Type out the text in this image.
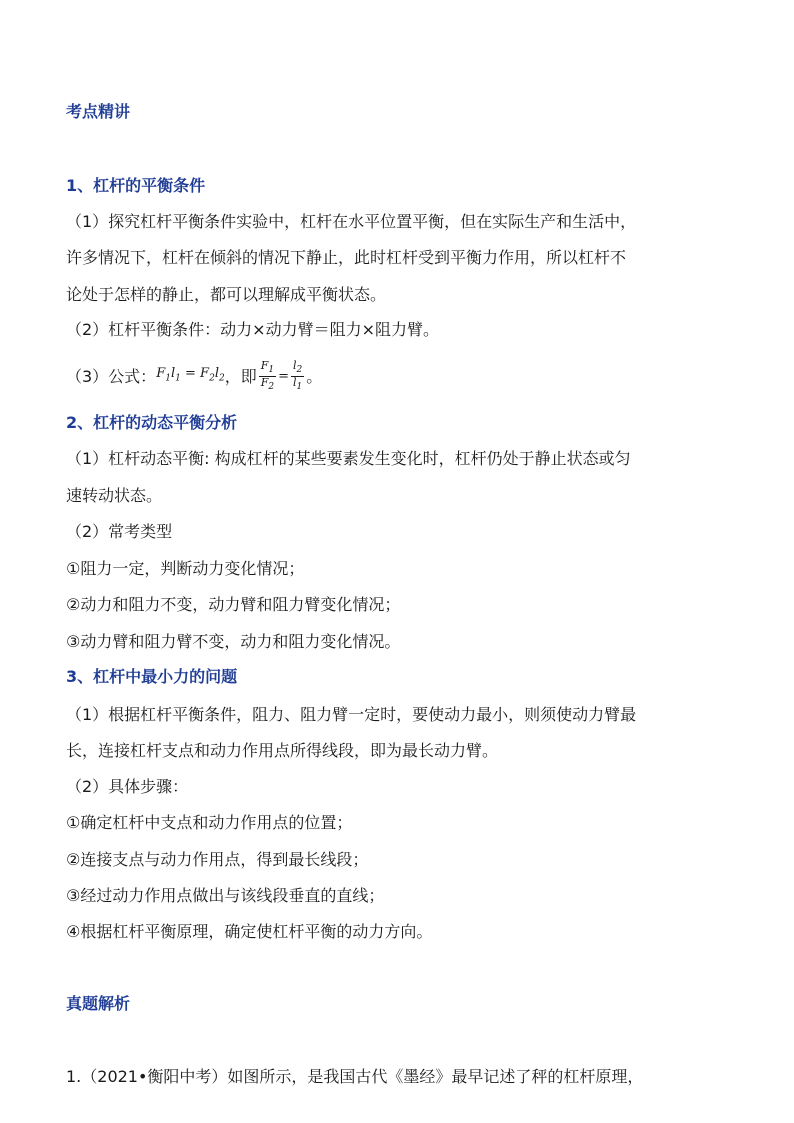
考点精讲
1、杠杆的平衡条件
（1）探究杠杆平衡条件实验中，杠杆在水平位置平衡，但在实际生产和生活中，
许多情况下，杠杆在倾斜的情况下静止，此时杠杆受到平衡力作用，所以杠杆不
论处于怎样的静止，都可以理解成平衡状态。
（2）杠杆平衡条件：动力×动力臂＝阻力×阻力臂。
（3）公式： $F_1l_1 = F_2l_2$ ，即 $\frac{F_1}{F_2} = \frac{l_2}{l_1}$ 。
2、杠杆的动态平衡分析
（1）杠杆动态平衡: 构成杠杆的某些要素发生变化时，杠杆仍处于静止状态或匀
速转动状态。
（2）常考类型
①阻力一定，判断动力变化情况；
②动力和阻力不变，动力臂和阻力臂变化情况；
③动力臂和阻力臂不变，动力和阻力变化情况。
3、杠杆中最小力的问题
（1）根据杠杆平衡条件，阻力、阻力臂一定时，要使动力最小，则须使动力臂最
长，连接杠杆支点和动力作用点所得线段，即为最长动力臂。
（2）具体步骤：
①确定杠杆中支点和动力作用点的位置；
②连接支点与动力作用点，得到最长线段；
③经过动力作用点做出与该线段垂直的直线；
④根据杠杆平衡原理，确定使杠杆平衡的动力方向。
真题解析
1.（2021•衡阳中考）如图所示，是我国古代《墨经》最早记述了秤的杠杆原理，
